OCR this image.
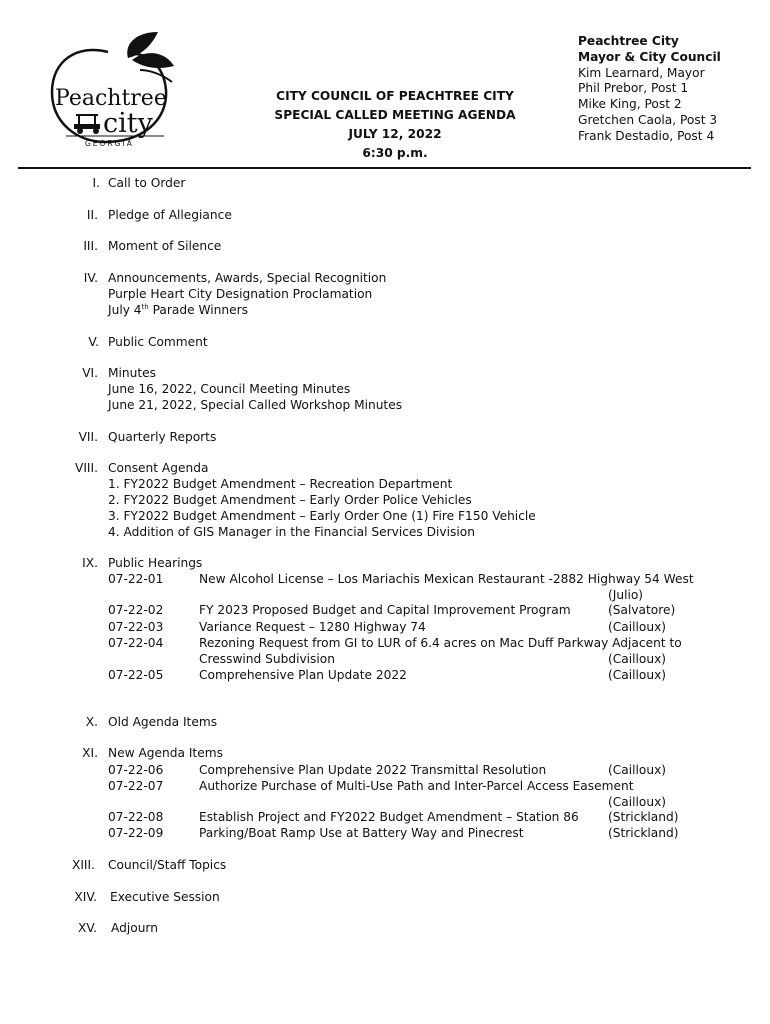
Peachtree
city
GEORGIA
CITY COUNCIL OF PEACHTREE CITY
SPECIAL CALLED MEETING AGENDA
JULY 12, 2022
6:30 p.m.
Peachtree City
Mayor & City Council
Kim Learnard, Mayor
Phil Prebor, Post 1
Mike King, Post 2
Gretchen Caola, Post 3
Frank Destadio, Post 4
I. Call to Order
II. Pledge of Allegiance
III. Moment of Silence
IV. Announcements, Awards, Special Recognition
Purple Heart City Designation Proclamation
July 4th Parade Winners
V. Public Comment
VI. Minutes
June 16, 2022, Council Meeting Minutes
June 21, 2022, Special Called Workshop Minutes
VII. Quarterly Reports
VIII. Consent Agenda
1. FY2022 Budget Amendment – Recreation Department
2. FY2022 Budget Amendment – Early Order Police Vehicles
3. FY2022 Budget Amendment – Early Order One (1) Fire F150 Vehicle
4. Addition of GIS Manager in the Financial Services Division
IX. Public Hearings
07-22-01	New Alcohol License – Los Mariachis Mexican Restaurant -2882 Highway 54 West
(Julio)
07-22-02	FY 2023 Proposed Budget and Capital Improvement Program	(Salvatore)
07-22-03	Variance Request – 1280 Highway 74	(Cailloux)
07-22-04	Rezoning Request from GI to LUR of 6.4 acres on Mac Duff Parkway Adjacent to
Cresswind Subdivision	(Cailloux)
07-22-05	Comprehensive Plan Update 2022	(Cailloux)
X. Old Agenda Items
XI. New Agenda Items
07-22-06	Comprehensive Plan Update 2022 Transmittal Resolution	(Cailloux)
07-22-07	Authorize Purchase of Multi-Use Path and Inter-Parcel Access Easement
(Cailloux)
07-22-08	Establish Project and FY2022 Budget Amendment – Station 86 (Strickland)
07-22-09	Parking/Boat Ramp Use at Battery Way and Pinecrest	(Strickland)
XIII. Council/Staff Topics
XIV. Executive Session
XV. Adjourn
